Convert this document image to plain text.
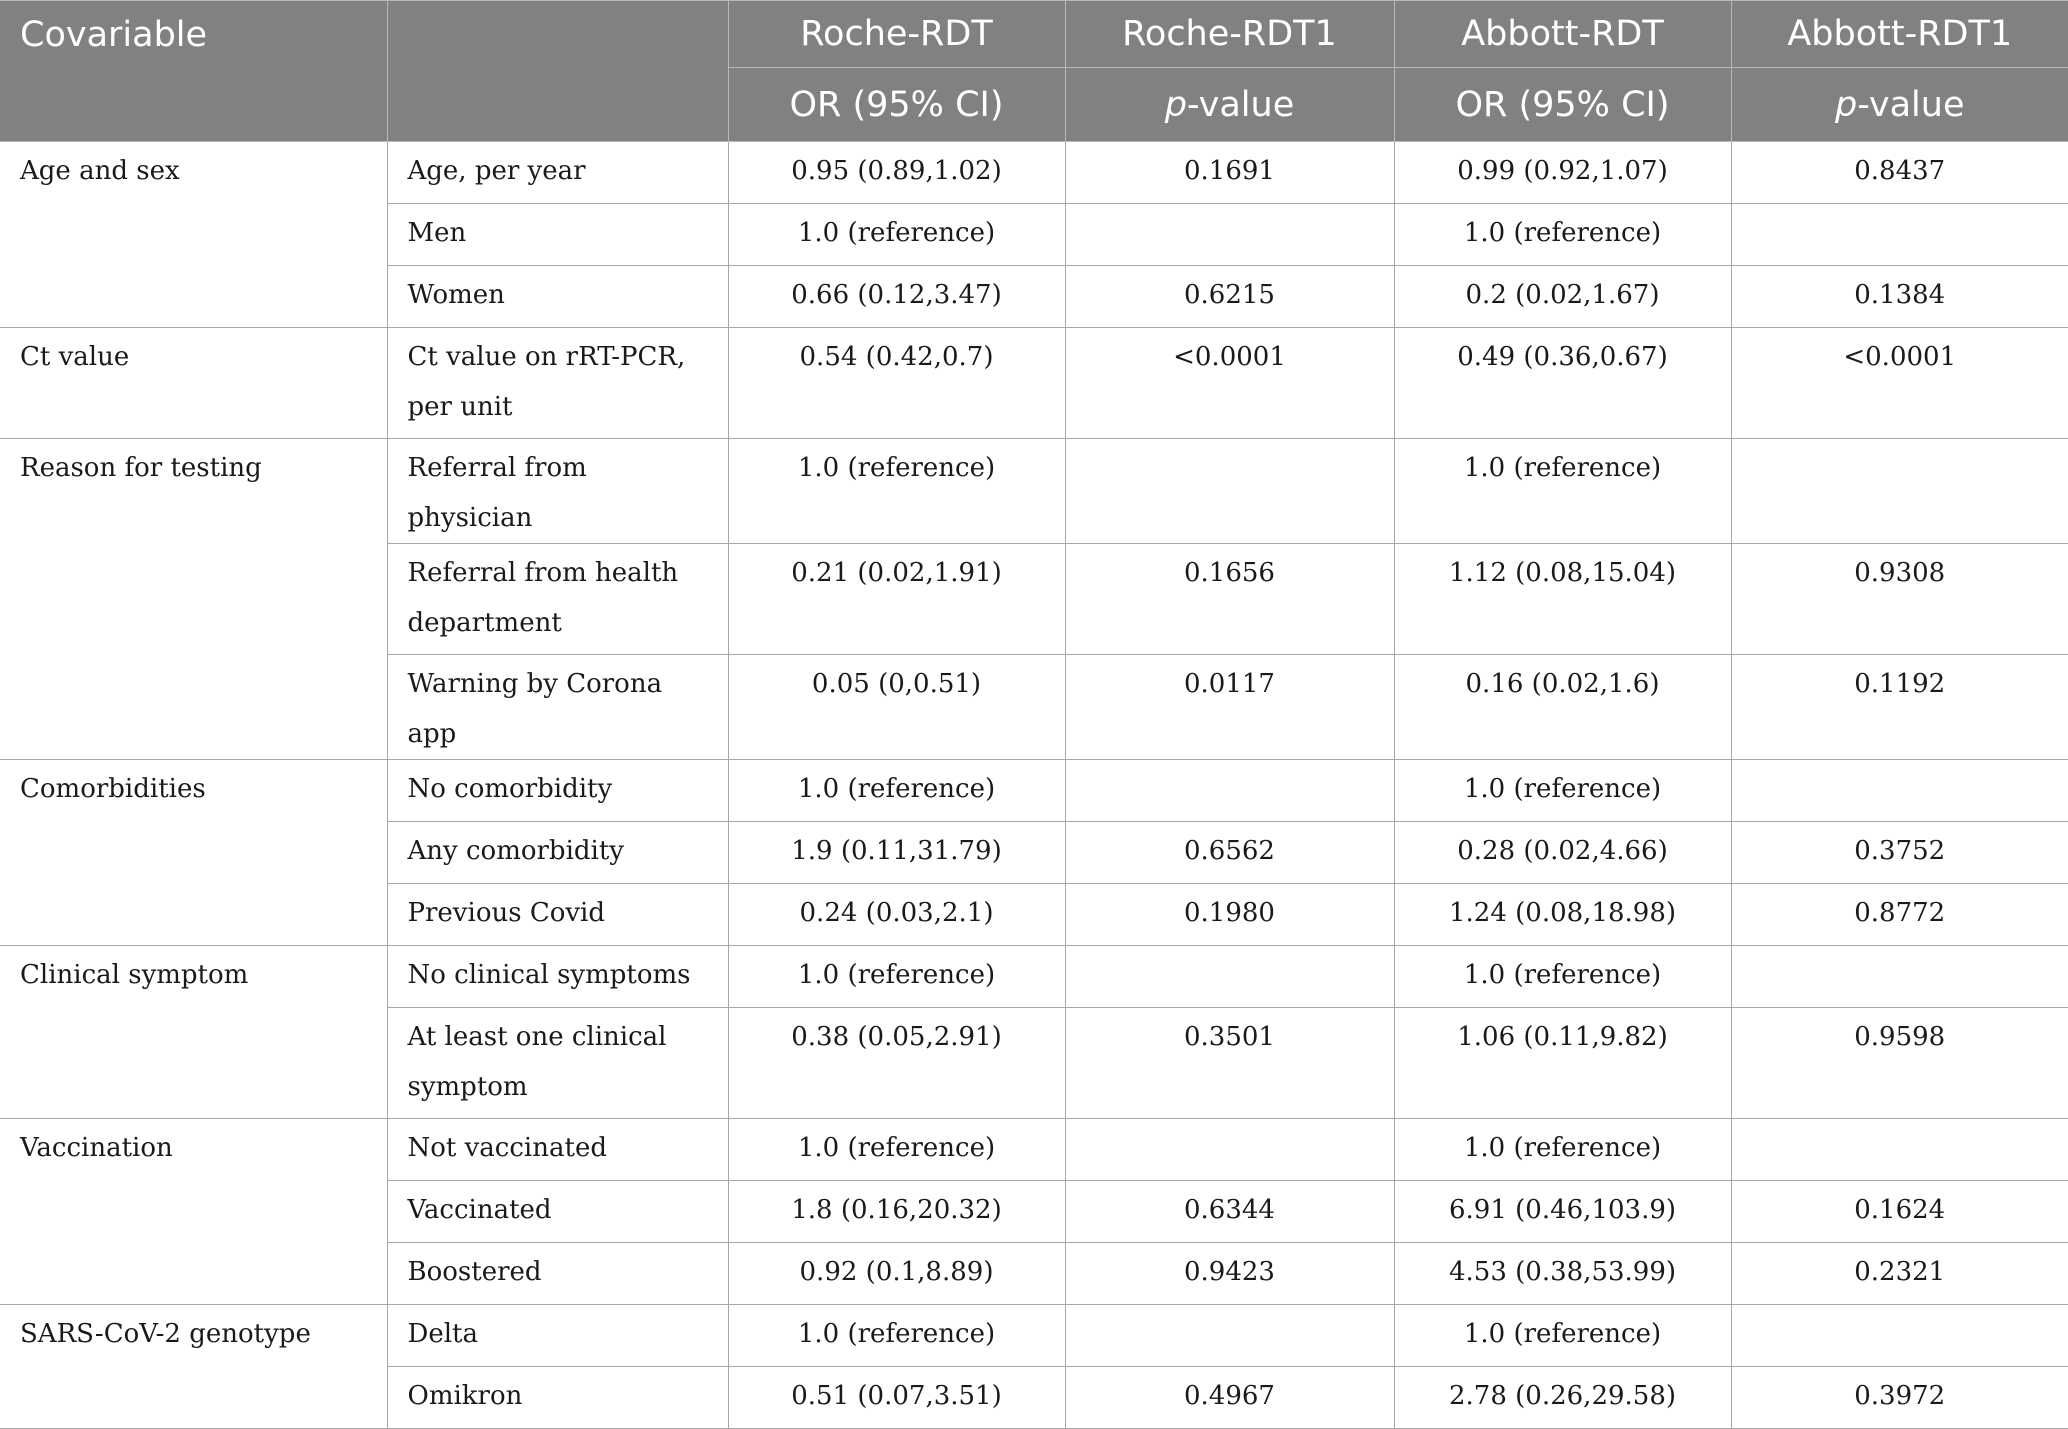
Covariable		Roche-RDT	Roche-RDT1	Abbott-RDT	Abbott-RDT1
		OR (95% CI)	p-value	OR (95% CI)	p-value

Age and sex	Age, per year	0.95 (0.89,1.02)	0.1691	0.99 (0.92,1.07)	0.8437

	Men	1.0 (reference)		1.0 (reference)	

	Women	0.66 (0.12,3.47)	0.6215	0.2 (0.02,1.67)	0.1384

Ct value	Ct value on rRT-PCR, per unit	0.54 (0.42,0.7)	<0.0001	0.49 (0.36,0.67)	<0.0001

Reason for testing	Referral from physician	1.0 (reference)		1.0 (reference)	

	Referral from health department	0.21 (0.02,1.91)	0.1656	1.12 (0.08,15.04)	0.9308

	Warning by Corona app	0.05 (0,0.51)	0.0117	0.16 (0.02,1.6)	0.1192

Comorbidities	No comorbidity	1.0 (reference)		1.0 (reference)	

	Any comorbidity	1.9 (0.11,31.79)	0.6562	0.28 (0.02,4.66)	0.3752

	Previous Covid	0.24 (0.03,2.1)	0.1980	1.24 (0.08,18.98)	0.8772

Clinical symptom	No clinical symptoms	1.0 (reference)		1.0 (reference)	

	At least one clinical symptom	0.38 (0.05,2.91)	0.3501	1.06 (0.11,9.82)	0.9598

Vaccination	Not vaccinated	1.0 (reference)		1.0 (reference)	

	Vaccinated	1.8 (0.16,20.32)	0.6344	6.91 (0.46,103.9)	0.1624

	Boostered	0.92 (0.1,8.89)	0.9423	4.53 (0.38,53.99)	0.2321

SARS-CoV-2 genotype	Delta	1.0 (reference)		1.0 (reference)	

	Omikron	0.51 (0.07,3.51)	0.4967	2.78 (0.26,29.58)	0.3972
